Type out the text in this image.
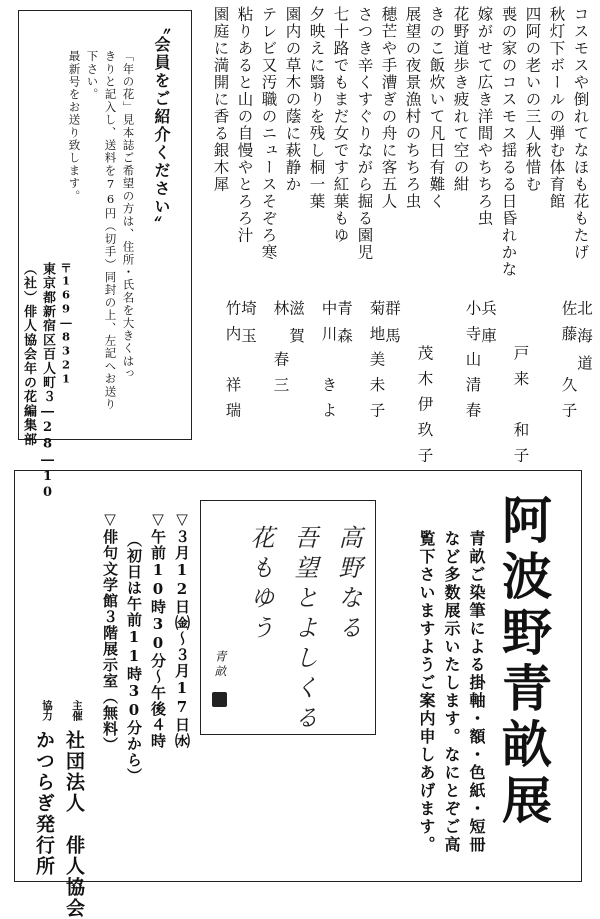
コスモスや倒れてなほも花もたげ
秋灯下ボールの弾む体育館
四阿の老いの三人秋惜む
喪の家のコスモス揺るる日昏れかな
嫁がせて広き洋間やちちろ虫
花野道歩き疲れて空の紺
きのこ飯炊いて凡日有難く
展望の夜景漁村のちちろ虫
穂芒や手漕ぎの舟に客五人
さつき辛くすぐりながら掘る園児
七十路でもまだ女です紅葉もゆ
夕映えに翳りを残し桐一葉
園内の草木の蔭に萩静か
テレビ又汚職のニュースそぞろ寒
粘りあると山の自慢やとろろ汁
園庭に満開に香る銀木犀
北海道
佐藤　久子
戸来　和子
兵庫
小寺山清春
茂木伊玖子
群馬
菊地美未子
青森
中川　きよ
滋賀
林　春三
埼玉
竹内　祥瑞
〝会員をご紹介ください〟
「年の花」見本誌ご希望の方は、住所・氏名を大きくはっ
きりと記入し、送料を76円（切手）同封の上、左記へお送り
下さい。
最新号をお送り致します。
〒169―8321
東京都新宿区百人町３―28―10
（社）俳人協会年の花編集部
阿波野青畝展
青畝ご染筆による掛軸・額・色紙・短冊
など多数展示いたします。なにとぞご高
覧下さいますようご案内申しあげます。
高野なる
吾望とよしくる
花もゆう
青畝
▽３月12日㈮～３月17日㈬
▽午前10時30分～午後４時
（初日は午前11時30分から）
▽俳句文学館３階展示室（無料）
主催
社団法人　俳人協会
協力
かつらぎ発行所
